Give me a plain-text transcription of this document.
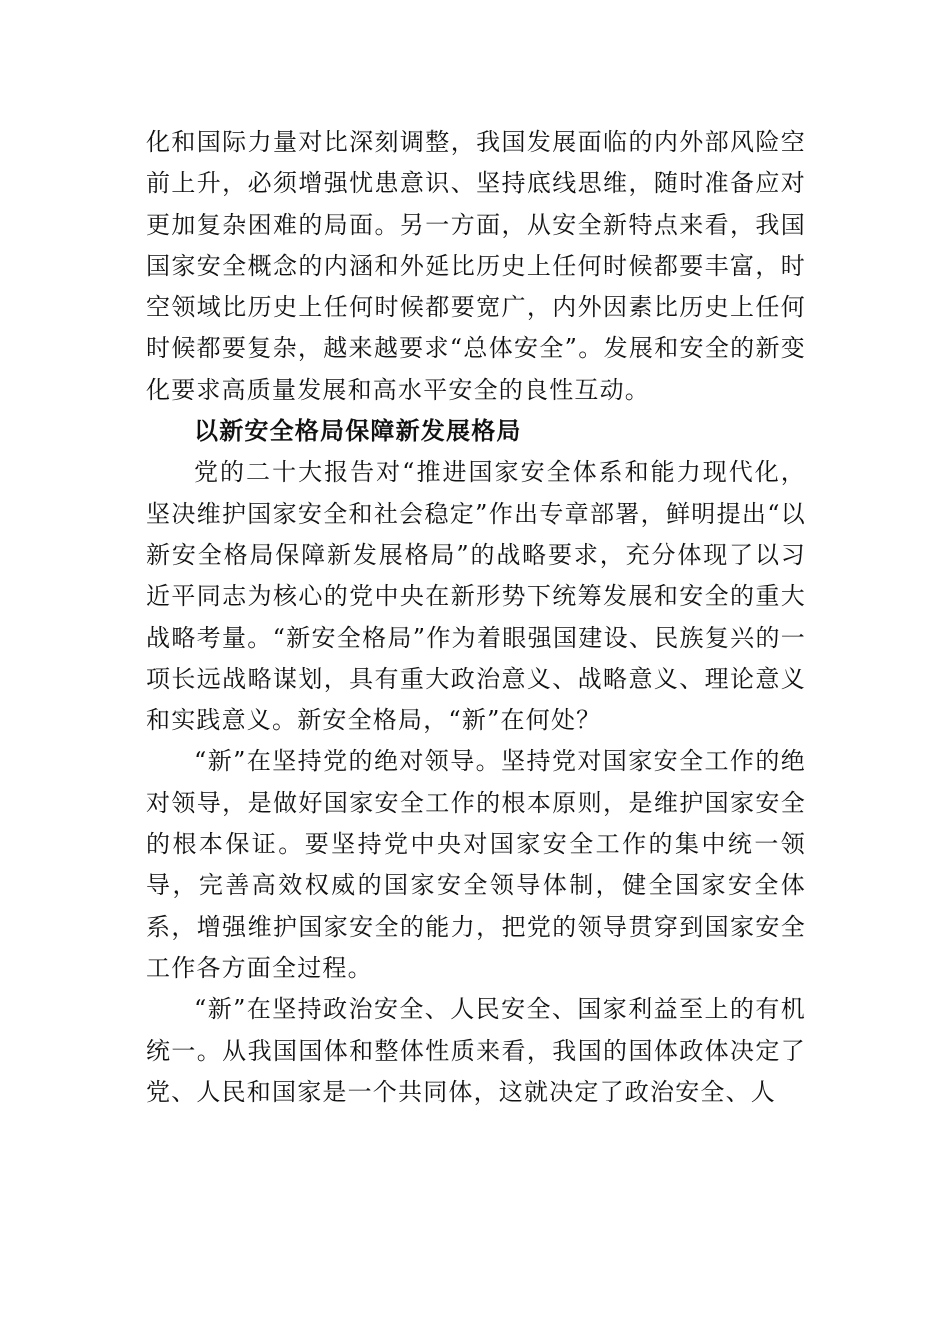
化和国际力量对比深刻调整，我国发展面临的内外部风险空前上升，必须增强忧患意识、坚持底线思维，随时准备应对更加复杂困难的局面。另一方面，从安全新特点来看，我国国家安全概念的内涵和外延比历史上任何时候都要丰富，时空领域比历史上任何时候都要宽广，内外因素比历史上任何时候都要复杂，越来越要求“总体安全”。发展和安全的新变化要求高质量发展和高水平安全的良性互动。

以新安全格局保障新发展格局

党的二十大报告对“推进国家安全体系和能力现代化，坚决维护国家安全和社会稳定”作出专章部署，鲜明提出“以新安全格局保障新发展格局”的战略要求，充分体现了以习近平同志为核心的党中央在新形势下统筹发展和安全的重大战略考量。“新安全格局”作为着眼强国建设、民族复兴的一项长远战略谋划，具有重大政治意义、战略意义、理论意义和实践意义。新安全格局，“新”在何处？

“新”在坚持党的绝对领导。坚持党对国家安全工作的绝对领导，是做好国家安全工作的根本原则，是维护国家安全的根本保证。要坚持党中央对国家安全工作的集中统一领导，完善高效权威的国家安全领导体制，健全国家安全体系，增强维护国家安全的能力，把党的领导贯穿到国家安全工作各方面全过程。

“新”在坚持政治安全、人民安全、国家利益至上的有机统一。从我国国体和整体性质来看，我国的国体政体决定了党、人民和国家是一个共同体，这就决定了政治安全、人
